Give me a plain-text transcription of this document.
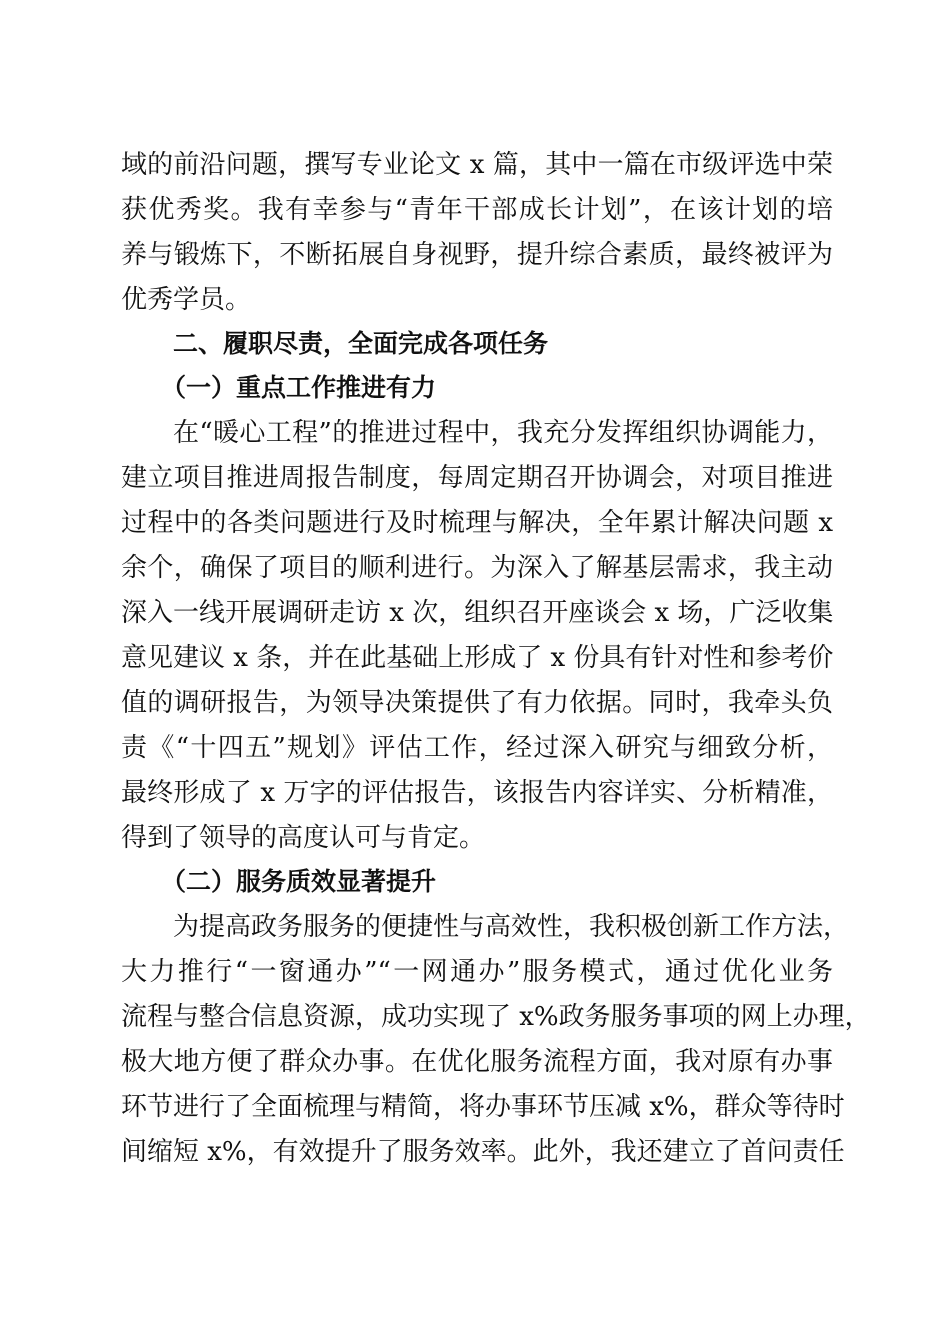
域的前沿问题，撰写专业论文 x 篇，其中一篇在市级评选中荣
获优秀奖。我有幸参与“青年干部成长计划”，在该计划的培
养与锻炼下，不断拓展自身视野，提升综合素质，最终被评为
优秀学员。
二、履职尽责，全面完成各项任务
（一）重点工作推进有力
在“暖心工程”的推进过程中，我充分发挥组织协调能力，
建立项目推进周报告制度，每周定期召开协调会，对项目推进
过程中的各类问题进行及时梳理与解决，全年累计解决问题 x
余个，确保了项目的顺利进行。为深入了解基层需求，我主动
深入一线开展调研走访 x 次，组织召开座谈会 x 场，广泛收集
意见建议 x 条，并在此基础上形成了 x 份具有针对性和参考价
值的调研报告，为领导决策提供了有力依据。同时，我牵头负
责《“十四五”规划》评估工作，经过深入研究与细致分析，
最终形成了 x 万字的评估报告，该报告内容详实、分析精准，
得到了领导的高度认可与肯定。
（二）服务质效显著提升
为提高政务服务的便捷性与高效性，我积极创新工作方法，
大力推行“一窗通办”“一网通办”服务模式，通过优化业务
流程与整合信息资源，成功实现了 x%政务服务事项的网上办理，
极大地方便了群众办事。在优化服务流程方面，我对原有办事
环节进行了全面梳理与精简，将办事环节压减 x%，群众等待时
间缩短 x%，有效提升了服务效率。此外，我还建立了首问责任
